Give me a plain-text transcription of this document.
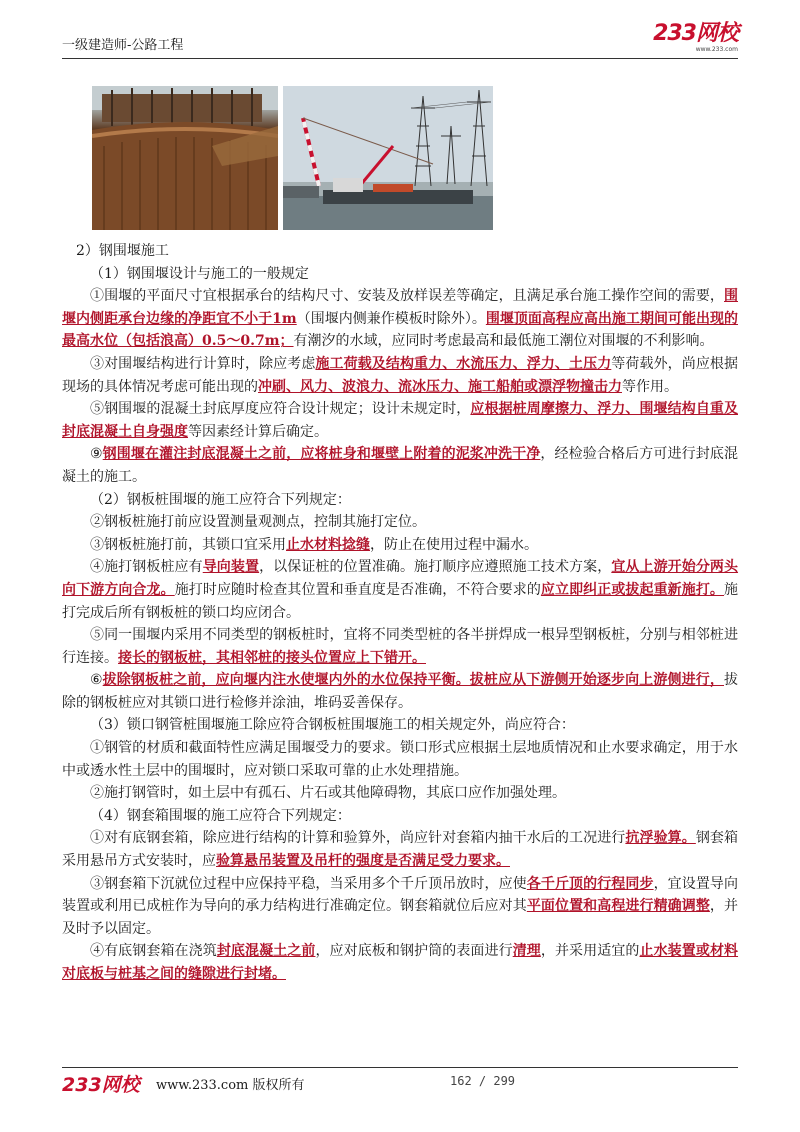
一级建造师-公路工程	233网校
www.233.com

2）钢围堰施工

（1）钢围堰设计与施工的一般规定

①围堰的平面尺寸宜根据承台的结构尺寸、安装及放样误差等确定，且满足承台施工操作空间的需要，围堰内侧距承台边缘的净距宜不小于1m（围堰内侧兼作模板时除外）。围堰顶面高程应高出施工期间可能出现的最高水位（包括浪高）0.5～0.7m；有潮汐的水域，应同时考虑最高和最低施工潮位对围堰的不利影响。

③对围堰结构进行计算时，除应考虑施工荷载及结构重力、水流压力、浮力、土压力等荷载外，尚应根据现场的具体情况考虑可能出现的冲刷、风力、波浪力、流冰压力、施工船舶或漂浮物撞击力等作用。

⑤钢围堰的混凝土封底厚度应符合设计规定；设计未规定时，应根据桩周摩擦力、浮力、围堰结构自重及封底混凝土自身强度等因素经计算后确定。

⑨钢围堰在灌注封底混凝土之前，应将桩身和堰壁上附着的泥浆冲洗干净，经检验合格后方可进行封底混凝土的施工。

（2）钢板桩围堰的施工应符合下列规定：

②钢板桩施打前应设置测量观测点，控制其施打定位。

③钢板桩施打前，其锁口宜采用止水材料捻缝，防止在使用过程中漏水。

④施打钢板桩应有导向装置，以保证桩的位置准确。施打顺序应遵照施工技术方案，宜从上游开始分两头向下游方向合龙。施打时应随时检查其位置和垂直度是否准确，不符合要求的应立即纠正或拔起重新施打。施打完成后所有钢板桩的锁口均应闭合。

⑤同一围堰内采用不同类型的钢板桩时，宜将不同类型桩的各半拼焊成一根异型钢板桩，分别与相邻桩进行连接。接长的钢板桩，其相邻桩的接头位置应上下错开。

⑥拔除钢板桩之前，应向堰内注水使堰内外的水位保持平衡。拔桩应从下游侧开始逐步向上游侧进行，拔除的钢板桩应对其锁口进行检修并涂油，堆码妥善保存。

（3）锁口钢管桩围堰施工除应符合钢板桩围堰施工的相关规定外，尚应符合：

①钢管的材质和截面特性应满足围堰受力的要求。锁口形式应根据土层地质情况和止水要求确定，用于水中或透水性土层中的围堰时，应对锁口采取可靠的止水处理措施。

②施打钢管时，如土层中有孤石、片石或其他障碍物，其底口应作加强处理。

（4）钢套箱围堰的施工应符合下列规定：

①对有底钢套箱，除应进行结构的计算和验算外，尚应针对套箱内抽干水后的工况进行抗浮验算。钢套箱采用悬吊方式安装时，应验算悬吊装置及吊杆的强度是否满足受力要求。

③钢套箱下沉就位过程中应保持平稳，当采用多个千斤顶吊放时，应使各千斤顶的行程同步，宜设置导向装置或利用已成桩作为导向的承力结构进行准确定位。钢套箱就位后应对其平面位置和高程进行精确调整，并及时予以固定。

④有底钢套箱在浇筑封底混凝土之前，应对底板和钢护筒的表面进行清理，并采用适宜的止水装置或材料对底板与桩基之间的缝隙进行封堵。

233网校 www.233.com 版权所有	162 / 299
